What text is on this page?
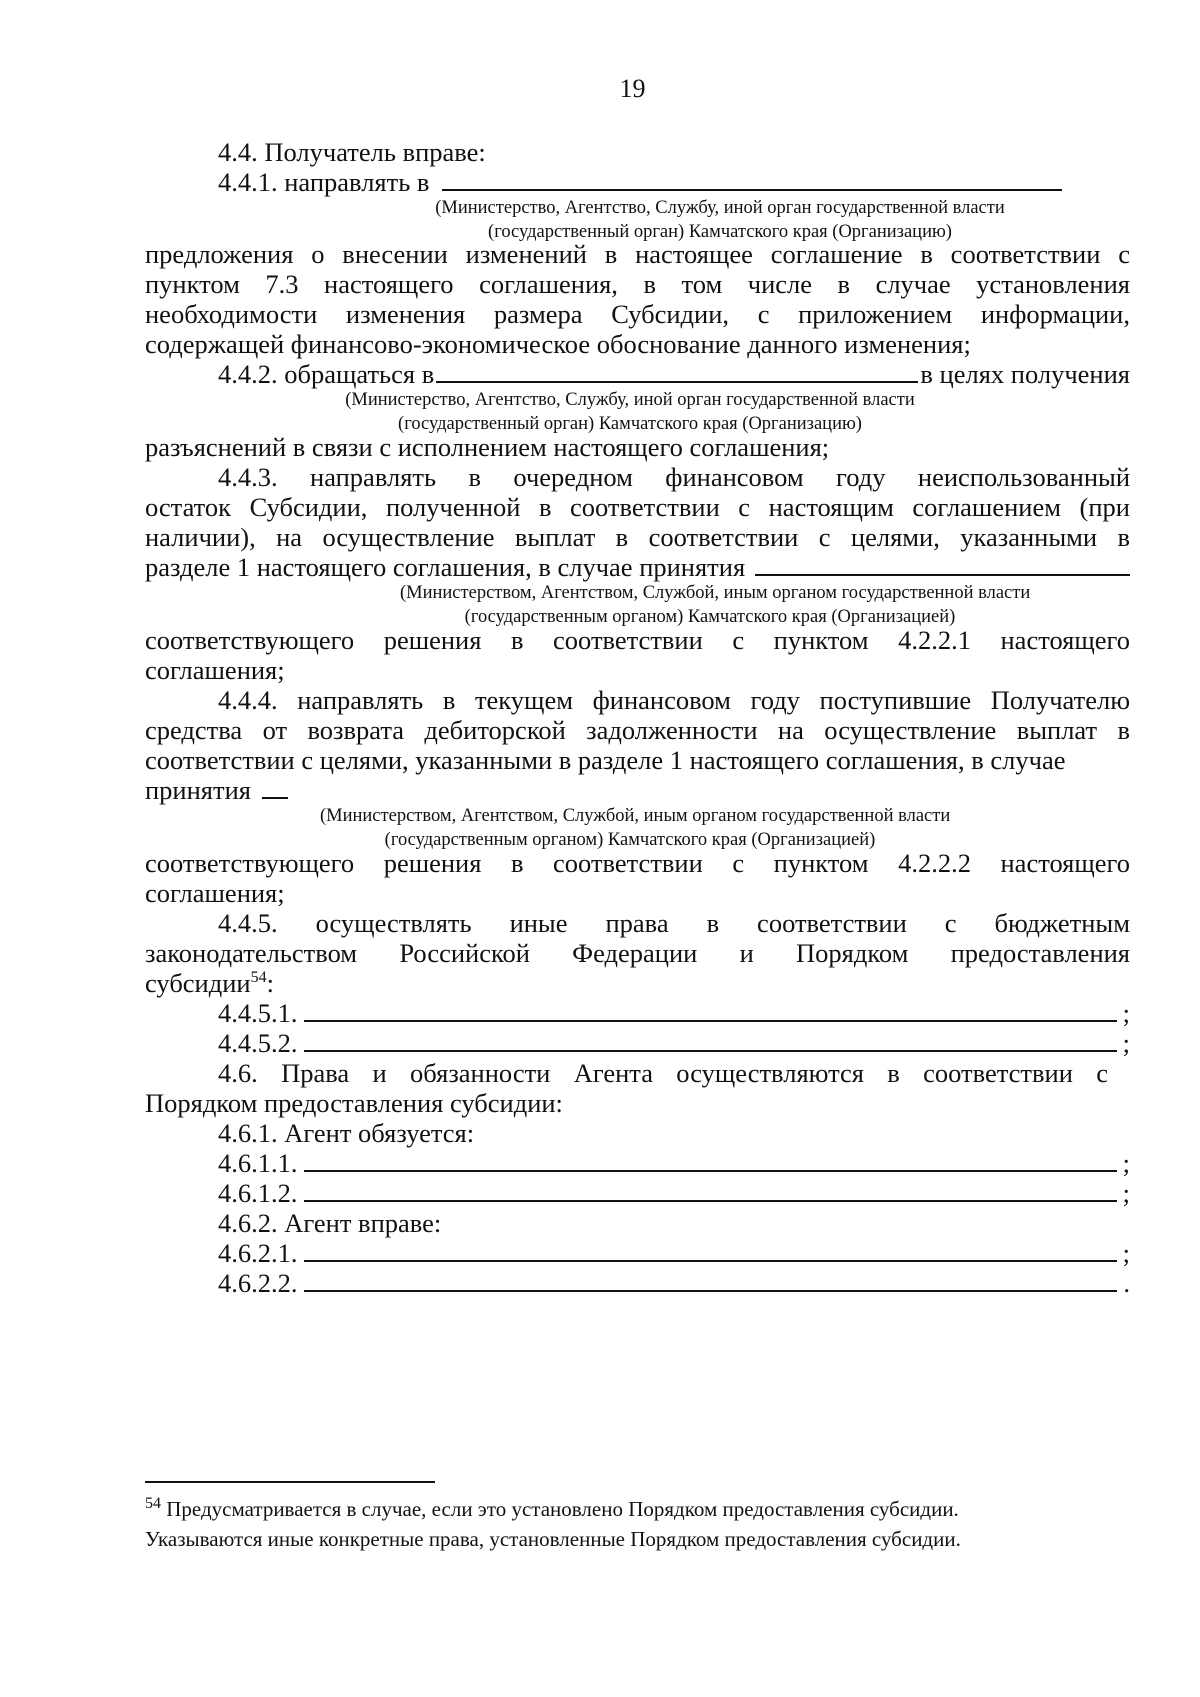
19
4.4. Получатель вправе:
4.4.1. направлять в
(Министерство, Агентство, Службу, иной орган государственной власти
(государственный орган) Камчатского края (Организацию)
предложения о внесении изменений в настоящее соглашение в соответствии с
пунктом 7.3 настоящего соглашения, в том числе в случае установления
необходимости изменения размера Субсидии, с приложением информации,
содержащей финансово-экономическое обоснование данного изменения;
4.4.2. обращаться в	в целях получения
(Министерство, Агентство, Службу, иной орган государственной власти
(государственный орган) Камчатского края (Организацию)
разъяснений в связи с исполнением настоящего соглашения;
4.4.3. направлять в очередном финансовом году неиспользованный
остаток Субсидии, полученной в соответствии с настоящим соглашением (при
наличии), на осуществление выплат в соответствии с целями, указанными в
разделе 1 настоящего соглашения, в случае принятия
(Министерством, Агентством, Службой, иным органом государственной власти
(государственным органом) Камчатского края (Организацией)
соответствующего решения в соответствии с пунктом 4.2.2.1 настоящего
соглашения;
4.4.4. направлять в текущем финансовом году поступившие Получателю
средства от возврата дебиторской задолженности на осуществление выплат в
соответствии с целями, указанными в разделе 1 настоящего соглашения, в случае
принятия
(Министерством, Агентством, Службой, иным органом государственной власти
(государственным органом) Камчатского края (Организацией)
соответствующего решения в соответствии с пунктом 4.2.2.2 настоящего
соглашения;
4.4.5. осуществлять иные права в соответствии с бюджетным
законодательством Российской Федерации и Порядком предоставления
субсидии$^{54}$:
4.4.5.1.	;
4.4.5.2.	;
4.6. Права и обязанности Агента осуществляются в соответствии с
Порядком предоставления субсидии:
4.6.1. Агент обязуется:
4.6.1.1.	;
4.6.1.2.	;
4.6.2. Агент вправе:
4.6.2.1.	;
4.6.2.2.	.
$^{54}$ Предусматривается в случае, если это установлено Порядком предоставления субсидии.
Указываются иные конкретные права, установленные Порядком предоставления субсидии.
